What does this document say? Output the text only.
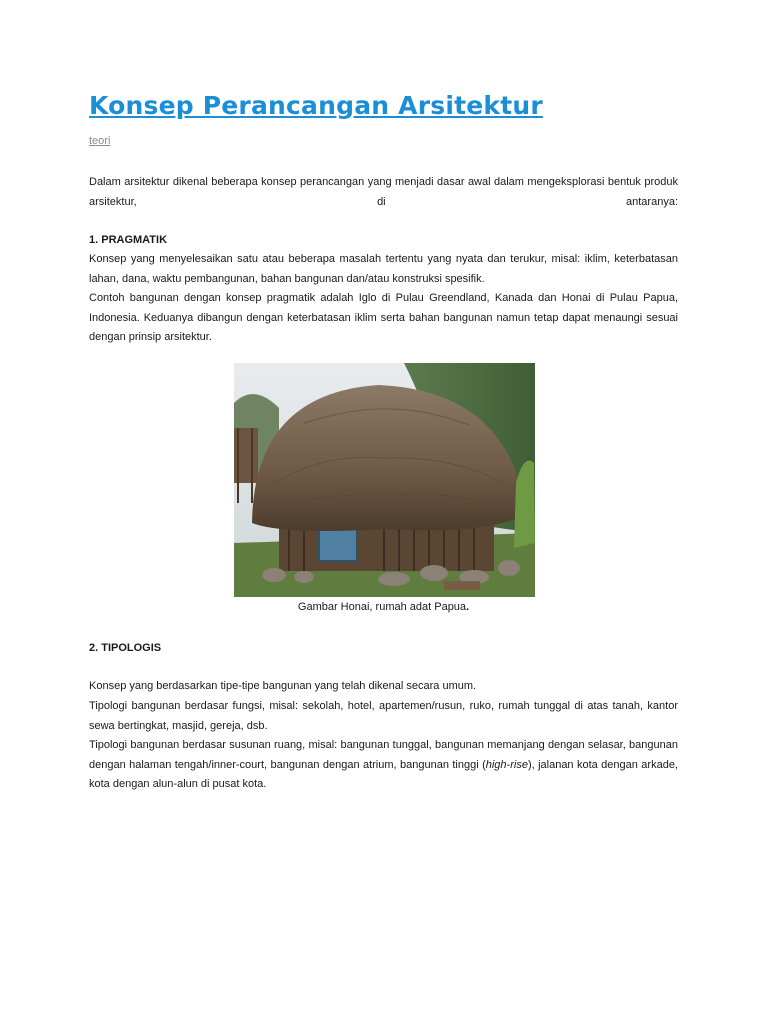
Konsep Perancangan Arsitektur
teori

Dalam arsitektur dikenal beberapa konsep perancangan yang menjadi dasar awal dalam mengeksplorasi bentuk produk arsitektur, di antaranya:

1. PRAGMATIK

Konsep yang menyelesaikan satu atau beberapa masalah tertentu yang nyata dan terukur, misal: iklim, keterbatasan lahan, dana, waktu pembangunan, bahan bangunan dan/atau konstruksi spesifik.

Contoh bangunan dengan konsep pragmatik adalah Iglo di Pulau Greendland, Kanada dan Honai di Pulau Papua, Indonesia. Keduanya dibangun dengan keterbatasan iklim serta bahan bangunan namun tetap dapat menaungi sesuai dengan prinsip arsitektur.

Gambar Honai, rumah adat Papua.

2. TIPOLOGIS

Konsep yang berdasarkan tipe-tipe bangunan yang telah dikenal secara umum.

Tipologi bangunan berdasar fungsi, misal: sekolah, hotel, apartemen/rusun, ruko, rumah tunggal di atas tanah, kantor sewa bertingkat, masjid, gereja, dsb.

Tipologi bangunan berdasar susunan ruang, misal: bangunan tunggal, bangunan memanjang dengan selasar, bangunan dengan halaman tengah/inner-court, bangunan dengan atrium, bangunan tinggi (high-rise), jalanan kota dengan arkade, kota dengan alun-alun di pusat kota.
